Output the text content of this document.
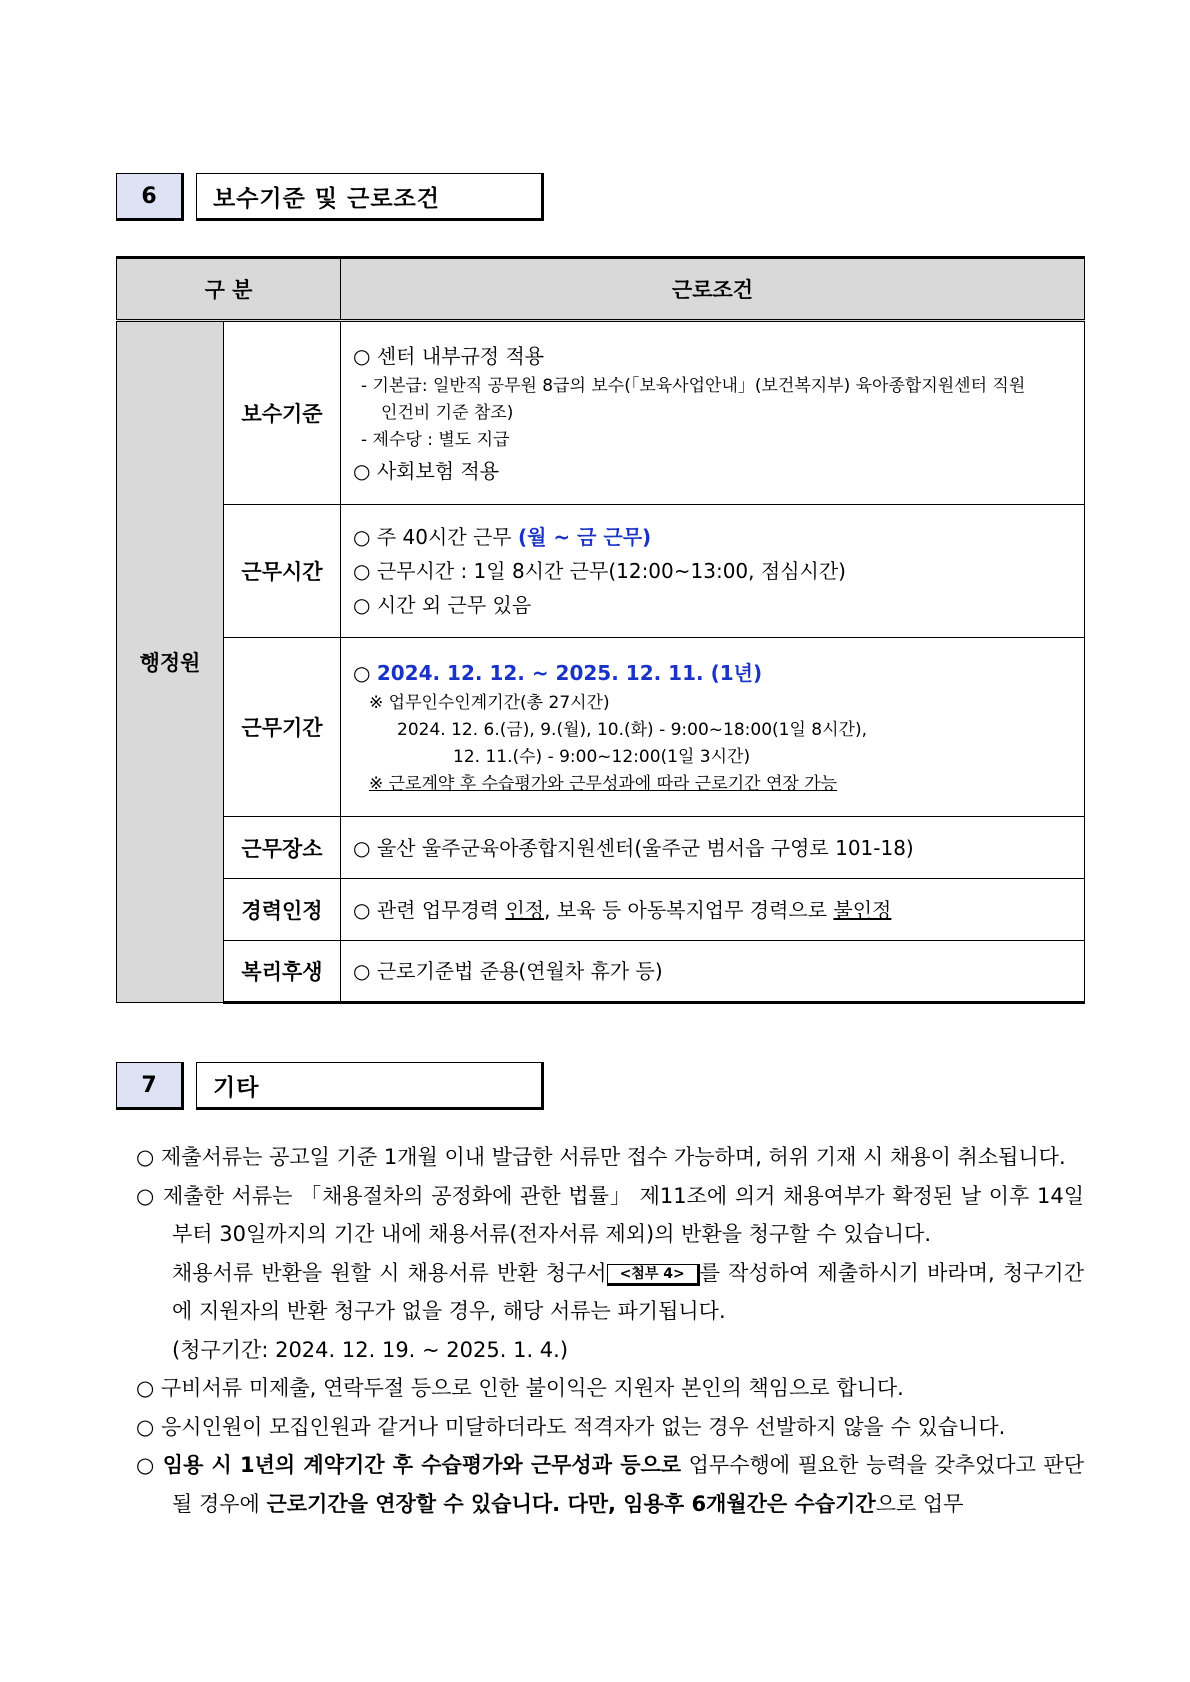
6	보수기준 및 근로조건
구 분		근로조건
행정원	보수기준	○ 센터 내부규정 적용
- 기본급: 일반직 공무원 8급의 보수(「보육사업안내」(보건복지부) 육아종합지원센터 직원
인건비 기준 참조)
- 제수당 : 별도 지급
○ 사회보험 적용

	근무시간	○ 주 40시간 근무 (월 ~ 금 근무)
○ 근무시간 : 1일 8시간 근무(12:00~13:00, 점심시간)
○ 시간 외 근무 있음

	근무기간	○ 2024. 12. 12. ~ 2025. 12. 11. (1년)
※ 업무인수인계기간(총 27시간)
2024. 12. 6.(금), 9.(월), 10.(화) - 9:00~18:00(1일 8시간),
12. 11.(수) - 9:00~12:00(1일 3시간)
※ 근로계약 후 수습평가와 근무성과에 따라 근로기간 연장 가능

	근무장소	○ 울산 울주군육아종합지원센터(울주군 범서읍 구영로 101-18)
	경력인정	○ 관련 업무경력 인정, 보육 등 아동복지업무 경력으로 불인정
	복리후생	○ 근로기준법 준용(연월차 휴가 등)
7	기타

○ 제출서류는 공고일 기준 1개월 이내 발급한 서류만 접수 가능하며, 허위 기재 시 채용이 취소됩니다.

○ 제출한 서류는 「채용절차의 공정화에 관한 법률」 제11조에 의거 채용여부가 확정된 날 이후 14일부터 30일까지의 기간 내에 채용서류(전자서류 제외)의 반환을 청구할 수 있습니다.

채용서류 반환을 원할 시 채용서류 반환 청구서 <첨부 4> 를 작성하여 제출하시기 바라며, 청구기간에 지원자의 반환 청구가 없을 경우, 해당 서류는 파기됩니다.

(청구기간: 2024. 12. 19. ~ 2025. 1. 4.)

○ 구비서류 미제출, 연락두절 등으로 인한 불이익은 지원자 본인의 책임으로 합니다.

○ 응시인원이 모집인원과 같거나 미달하더라도 적격자가 없는 경우 선발하지 않을 수 있습니다.

○ 임용 시 1년의 계약기간 후 수습평가와 근무성과 등으로 업무수행에 필요한 능력을 갖추었다고 판단될 경우에 근로기간을 연장할 수 있습니다. 다만, 임용후 6개월간은 수습기간으로 업무
